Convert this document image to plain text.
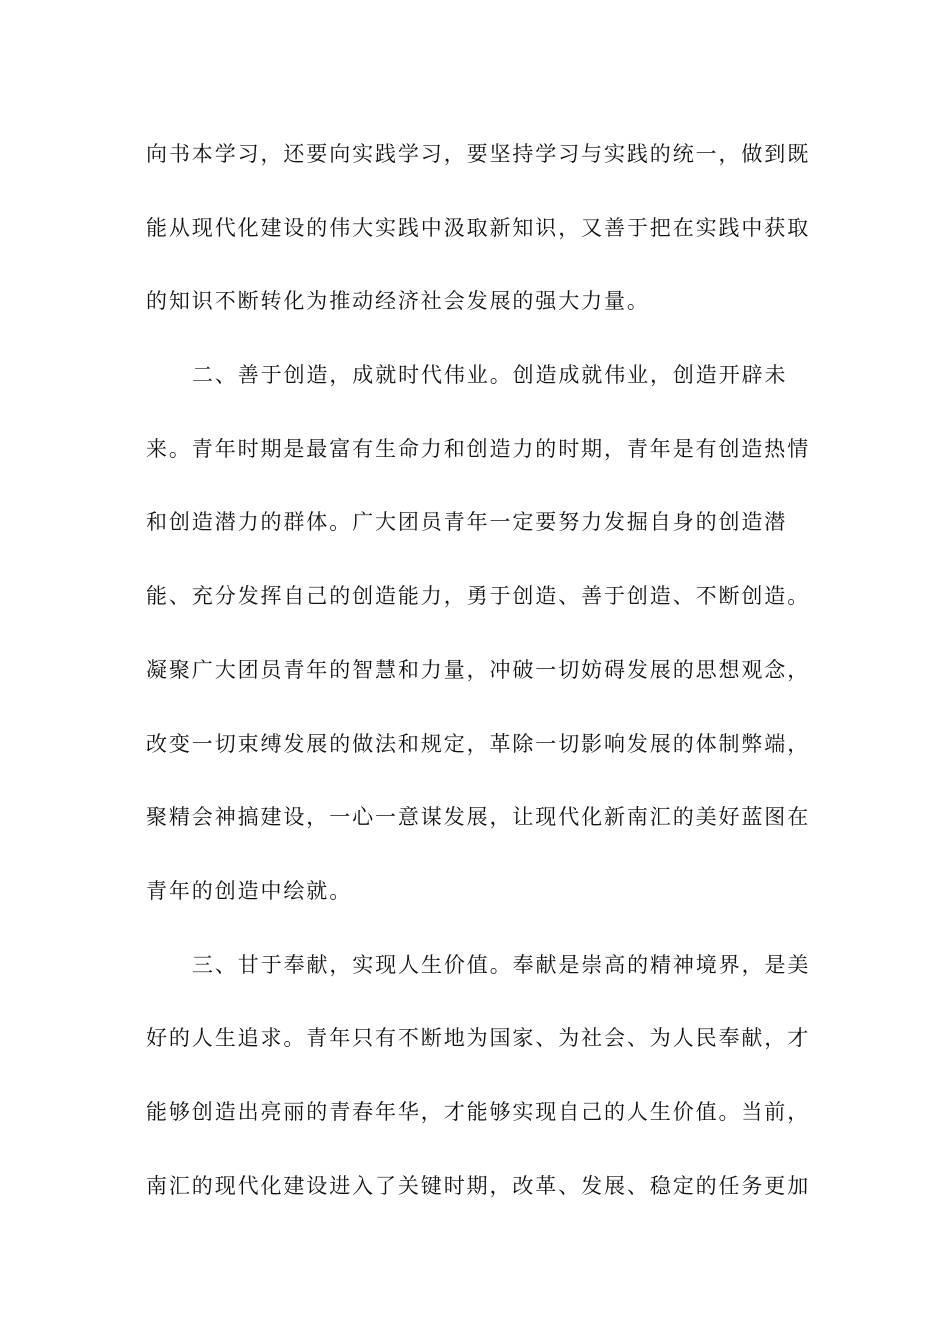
向书本学习，还要向实践学习，要坚持学习与实践的统一，做到既
能从现代化建设的伟大实践中汲取新知识，又善于把在实践中获取
的知识不断转化为推动经济社会发展的强大力量。
二、善于创造，成就时代伟业。创造成就伟业，创造开辟未
来。青年时期是最富有生命力和创造力的时期，青年是有创造热情
和创造潜力的群体。广大团员青年一定要努力发掘自身的创造潜
能、充分发挥自己的创造能力，勇于创造、善于创造、不断创造。
凝聚广大团员青年的智慧和力量，冲破一切妨碍发展的思想观念，
改变一切束缚发展的做法和规定，革除一切影响发展的体制弊端，
聚精会神搞建设，一心一意谋发展，让现代化新南汇的美好蓝图在
青年的创造中绘就。
三、甘于奉献，实现人生价值。奉献是崇高的精神境界，是美
好的人生追求。青年只有不断地为国家、为社会、为人民奉献，才
能够创造出亮丽的青春年华，才能够实现自己的人生价值。当前，
南汇的现代化建设进入了关键时期，改革、发展、稳定的任务更加
